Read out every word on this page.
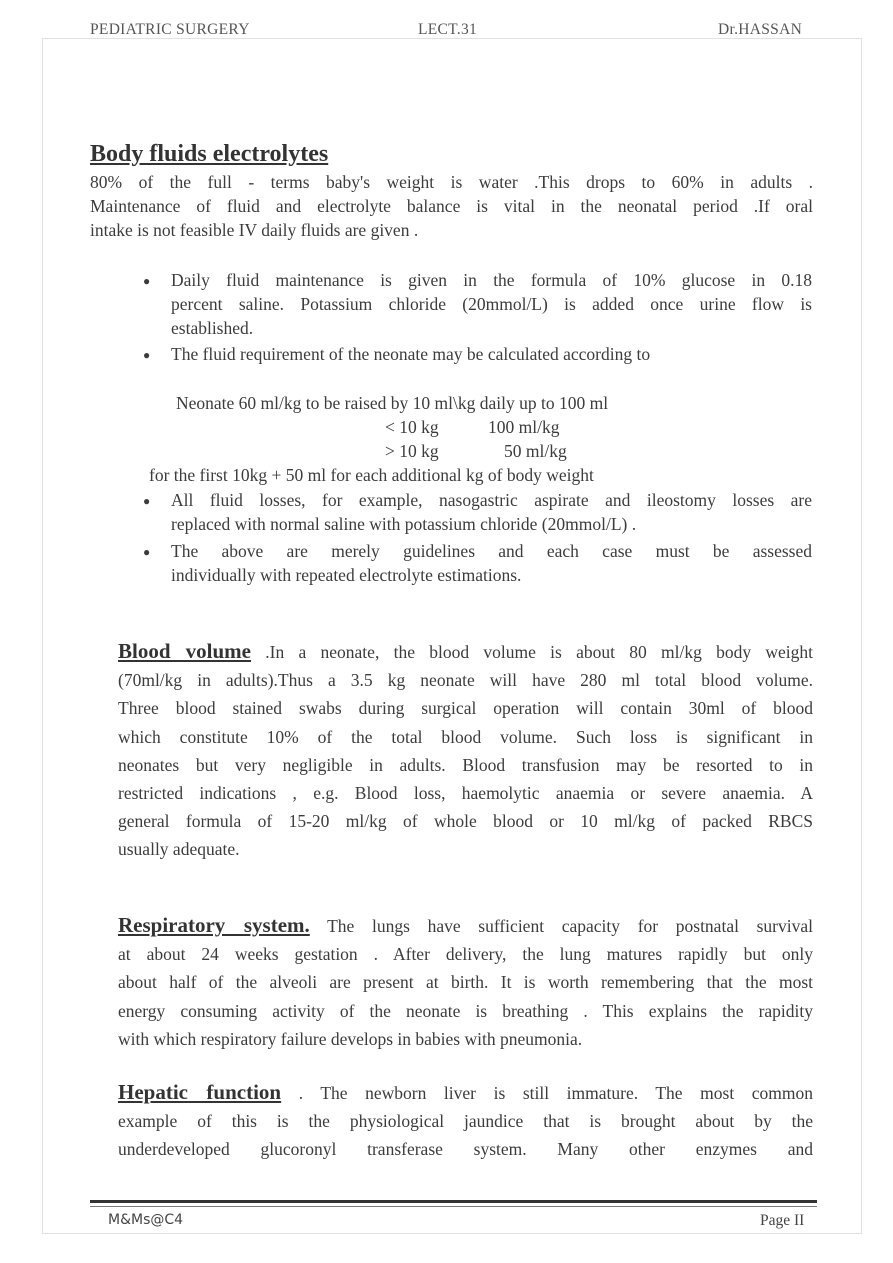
PEDIATRIC SURGERY	LECT.31	Dr.HASSAN
Body fluids electrolytes
80% of the full - terms baby's weight is water .This drops to 60% in adults .
Maintenance of fluid and electrolyte balance is vital in the neonatal period .If oral
intake is not feasible IV daily fluids are given .
● Daily fluid maintenance is given in the formula of 10% glucose in 0.18
percent saline. Potassium chloride (20mmol/L) is added once urine flow is
established.
● The fluid requirement of the neonate may be calculated according to
Neonate 60 ml/kg to be raised by 10 ml\kg daily up to 100 ml
< 10 kg	100 ml/kg
> 10 kg	50 ml/kg
for the first 10kg + 50 ml for each additional kg of body weight
● All fluid losses, for example, nasogastric aspirate and ileostomy losses are
replaced with normal saline with potassium chloride (20mmol/L) .
● The above are merely guidelines and each case must be assessed
individually with repeated electrolyte estimations.
Blood volume .In a neonate, the blood volume is about 80 ml/kg body weight
(70ml/kg in adults).Thus a 3.5 kg neonate will have 280 ml total blood volume.
Three blood stained swabs during surgical operation will contain 30ml of blood
which constitute 10% of the total blood volume. Such loss is significant in
neonates but very negligible in adults. Blood transfusion may be resorted to in
restricted indications , e.g. Blood loss, haemolytic anaemia or severe anaemia. A
general formula of 15-20 ml/kg of whole blood or 10 ml/kg of packed RBCS
usually adequate.
Respiratory system. The lungs have sufficient capacity for postnatal survival
at about 24 weeks gestation . After delivery, the lung matures rapidly but only
about half of the alveoli are present at birth. It is worth remembering that the most
energy consuming activity of the neonate is breathing . This explains the rapidity
with which respiratory failure develops in babies with pneumonia.
Hepatic function . The newborn liver is still immature. The most common
example of this is the physiological jaundice that is brought about by the
underdeveloped glucoronyl transferase system. Many other enzymes and
M&Ms@C4	Page II
